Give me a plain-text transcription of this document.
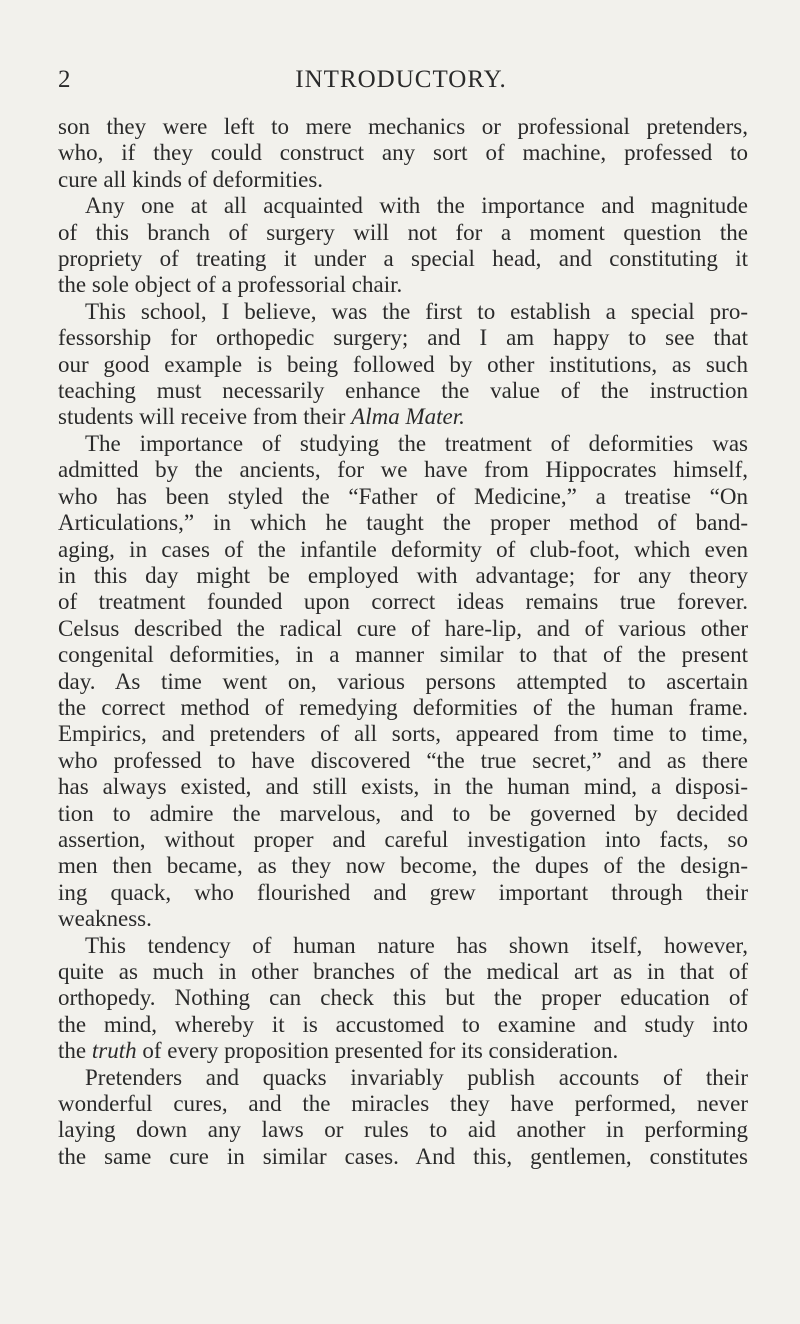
2	INTRODUCTORY.
son they were left to mere mechanics or professional pretenders,
who, if they could construct any sort of machine, professed to
cure all kinds of deformities.
Any one at all acquainted with the importance and magnitude
of this branch of surgery will not for a moment question the
propriety of treating it under a special head, and constituting it
the sole object of a professorial chair.
This school, I believe, was the first to establish a special pro-
fessorship for orthopedic surgery; and I am happy to see that
our good example is being followed by other institutions, as such
teaching must necessarily enhance the value of the instruction
students will receive from their Alma Mater.
The importance of studying the treatment of deformities was
admitted by the ancients, for we have from Hippocrates himself,
who has been styled the “Father of Medicine,” a treatise “On
Articulations,” in which he taught the proper method of band-
aging, in cases of the infantile deformity of club-foot, which even
in this day might be employed with advantage; for any theory
of treatment founded upon correct ideas remains true forever.
Celsus described the radical cure of hare-lip, and of various other
congenital deformities, in a manner similar to that of the present
day. As time went on, various persons attempted to ascertain
the correct method of remedying deformities of the human frame.
Empirics, and pretenders of all sorts, appeared from time to time,
who professed to have discovered “the true secret,” and as there
has always existed, and still exists, in the human mind, a disposi-
tion to admire the marvelous, and to be governed by decided
assertion, without proper and careful investigation into facts, so
men then became, as they now become, the dupes of the design-
ing quack, who flourished and grew important through their
weakness.
This tendency of human nature has shown itself, however,
quite as much in other branches of the medical art as in that of
orthopedy. Nothing can check this but the proper education of
the mind, whereby it is accustomed to examine and study into
the truth of every proposition presented for its consideration.
Pretenders and quacks invariably publish accounts of their
wonderful cures, and the miracles they have performed, never
laying down any laws or rules to aid another in performing
the same cure in similar cases. And this, gentlemen, constitutes
